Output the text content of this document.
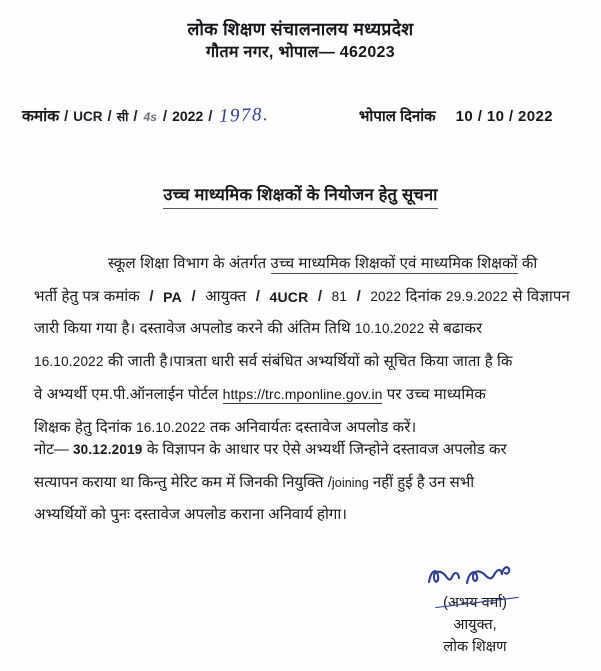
लोक शिक्षण संचालनालय मध्यप्रदेश
गौतम नगर, भोपाल— 462023
कमांक / UCR / सी / 4s / 2022 / 1978.	भोपाल दिनांक	10 / 10 / 2022
उच्च माध्यमिक शिक्षकों के नियोजन हेतु सूचना
स्कूल शिक्षा विभाग के अंतर्गत उच्च माध्यमिक शिक्षकों एवं माध्यमिक शिक्षकों की
भर्ती हेतु पत्र कमांक / PA / आयुक्त / 4UCR / 81 / 2022 दिनांक 29.9.2022 से विज्ञापन
जारी किया गया है। दस्तावेज अपलोड करने की अंतिम तिथि 10.10.2022 से बढाकर
16.10.2022 की जाती है।पात्रता धारी सर्व संबंधित अभ्यर्थियों को सूचित किया जाता है कि
वे अभ्यर्थी एम.पी.ऑनलाईन पोर्टल https://trc.mponline.gov.in पर उच्च माध्यमिक
शिक्षक हेतु दिनांक 16.10.2022 तक अनिवार्यतः दस्तावेज अपलोड करें।
नोट— 30.12.2019 के विज्ञापन के आधार पर ऐसे अभ्यर्थी जिन्होने दस्तावज अपलोड कर
सत्यापन कराया था किन्तु मेरिट कम में जिनकी नियुक्ति /joining नहीं हुई है उन सभी
अभ्यर्थियों को पुनः दस्तावेज अपलोड कराना अनिवार्य होगा।
(अभय वर्मा)
आयुक्त,
लोक शिक्षण
